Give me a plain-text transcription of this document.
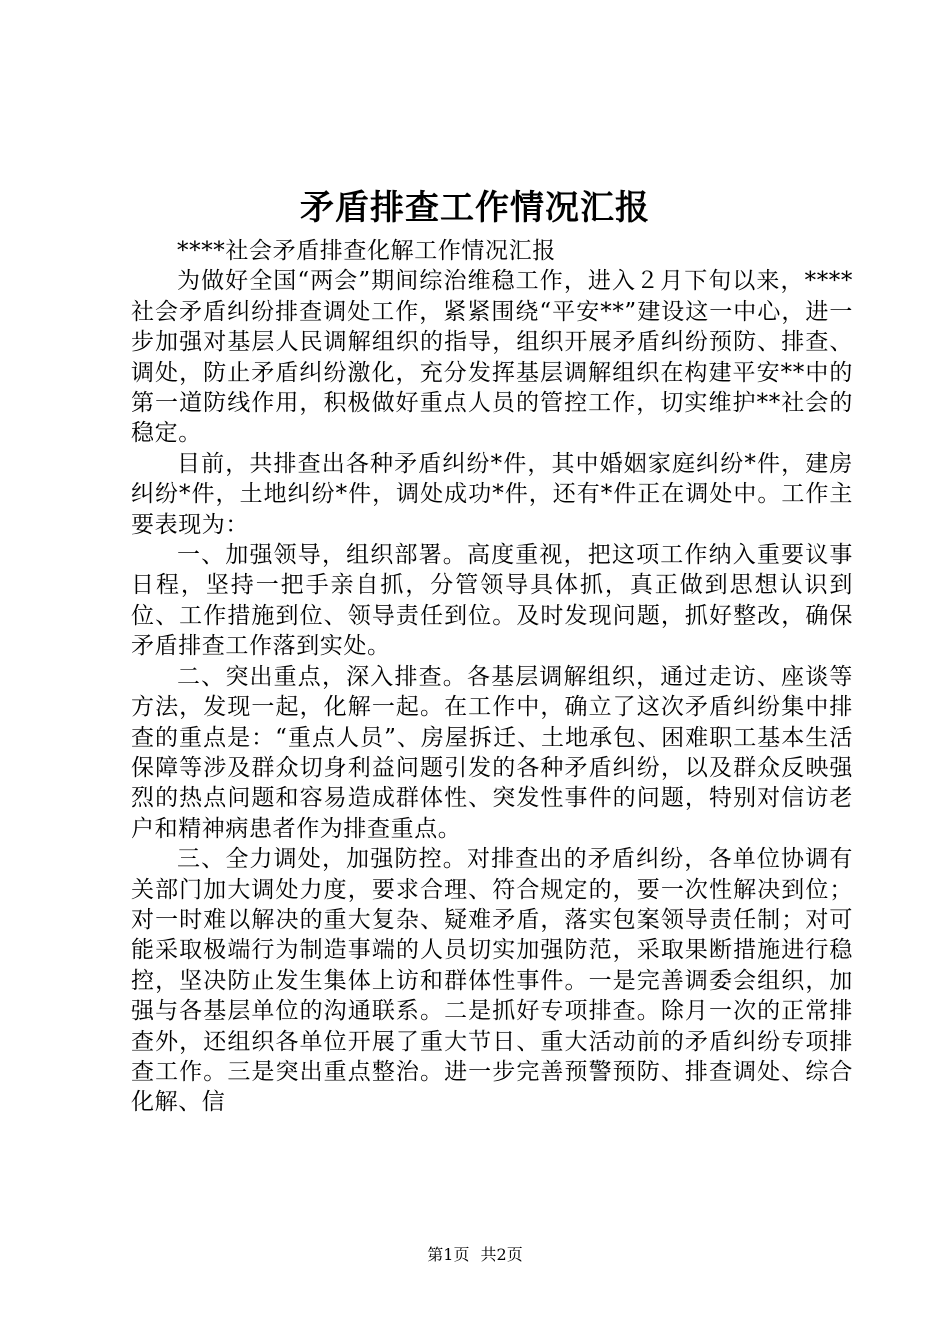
矛盾排查工作情况汇报

****社会矛盾排查化解工作情况汇报

为做好全国“两会”期间综治维稳工作，进入２月下旬以来，****社会矛盾纠纷排查调处工作，紧紧围绕“平安**”建设这一中心，进一步加强对基层人民调解组织的指导，组织开展矛盾纠纷预防、排查、调处，防止矛盾纠纷激化，充分发挥基层调解组织在构建平安**中的第一道防线作用，积极做好重点人员的管控工作，切实维护**社会的稳定。

目前，共排查出各种矛盾纠纷*件，其中婚姻家庭纠纷*件，建房纠纷*件，土地纠纷*件，调处成功*件，还有*件正在调处中。工作主要表现为：

一、加强领导，组织部署。高度重视，把这项工作纳入重要议事日程，坚持一把手亲自抓，分管领导具体抓，真正做到思想认识到位、工作措施到位、领导责任到位。及时发现问题，抓好整改，确保矛盾排查工作落到实处。

二、突出重点，深入排查。各基层调解组织，通过走访、座谈等方法，发现一起，化解一起。在工作中，确立了这次矛盾纠纷集中排查的重点是：“重点人员”、房屋拆迁、土地承包、困难职工基本生活保障等涉及群众切身利益问题引发的各种矛盾纠纷，以及群众反映强烈的热点问题和容易造成群体性、突发性事件的问题，特别对信访老户和精神病患者作为排查重点。

三、全力调处，加强防控。对排查出的矛盾纠纷，各单位协调有关部门加大调处力度，要求合理、符合规定的，要一次性解决到位；对一时难以解决的重大复杂、疑难矛盾，落实包案领导责任制；对可能采取极端行为制造事端的人员切实加强防范，采取果断措施进行稳控，坚决防止发生集体上访和群体性事件。一是完善调委会组织，加强与各基层单位的沟通联系。二是抓好专项排查。除月一次的正常排查外，还组织各单位开展了重大节日、重大活动前的矛盾纠纷专项排查工作。三是突出重点整治。进一步完善预警预防、排查调处、综合化解、信

第1页 共2页
